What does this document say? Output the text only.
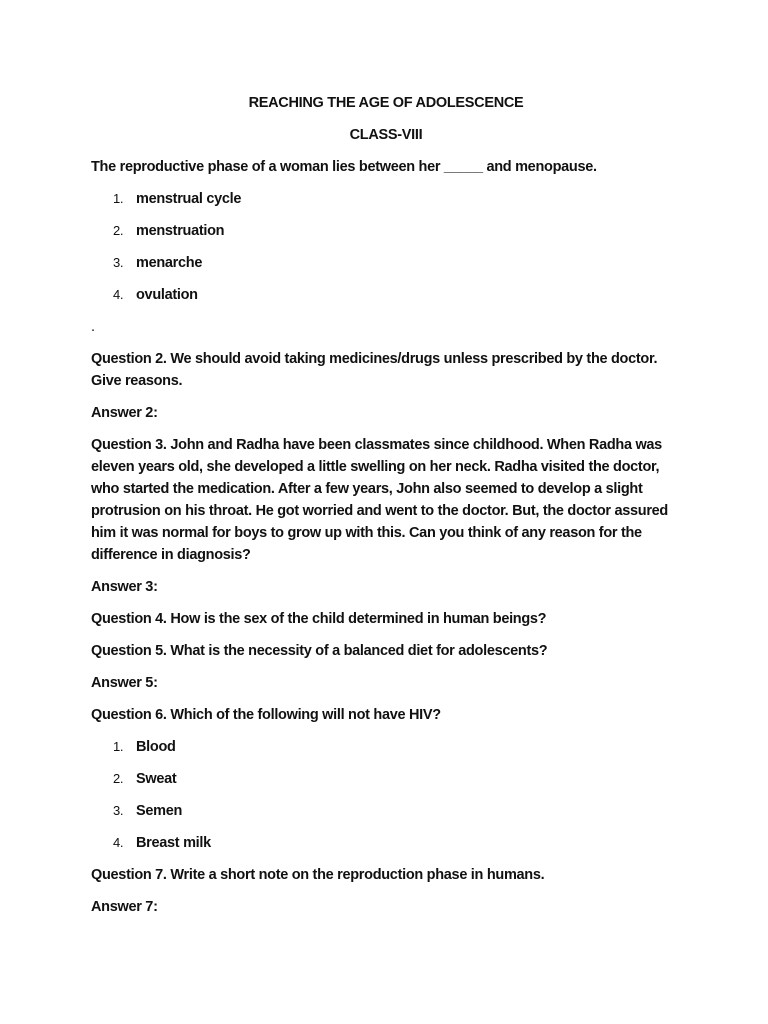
REACHING THE AGE OF ADOLESCENCE

CLASS-VIII

The reproductive phase of a woman lies between her _____ and menopause.

1. menstrual cycle
2. menstruation
3. menarche
4. ovulation
.

Question 2. We should avoid taking medicines/drugs unless prescribed by the doctor. Give reasons.

Answer 2:

Question 3. John and Radha have been classmates since childhood. When Radha was eleven years old, she developed a little swelling on her neck. Radha visited the doctor, who started the medication. After a few years, John also seemed to develop a slight protrusion on his throat. He got worried and went to the doctor. But, the doctor assured him it was normal for boys to grow up with this. Can you think of any reason for the difference in diagnosis?

Answer 3:

Question 4. How is the sex of the child determined in human beings?

Question 5. What is the necessity of a balanced diet for adolescents?

Answer 5:

Question 6. Which of the following will not have HIV?

1. Blood
2. Sweat
3. Semen
4. Breast milk

Question 7. Write a short note on the reproduction phase in humans.

Answer 7:
